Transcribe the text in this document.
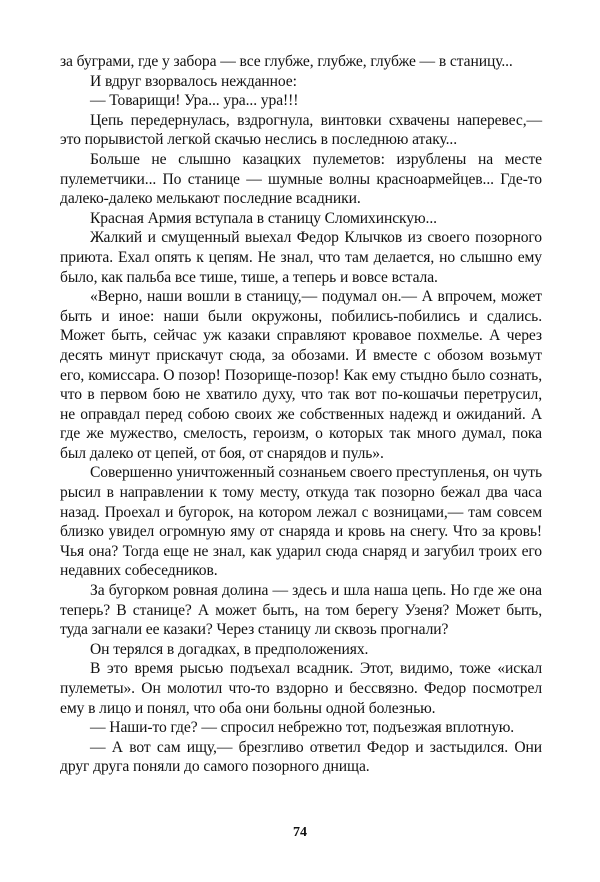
за буграми, где у забора — все глубже, глубже, глубже — в станицу...

И вдруг взорвалось нежданное:

— Товарищи! Ура... ура... ура!!!

Цепь передернулась, вздрогнула, винтовки схвачены наперевес,— это порывистой легкой скачью неслись в последнюю атаку...

Больше не слышно казацких пулеметов: изрублены на месте пулеметчики... По станице — шумные волны красноармейцев... Где-то далеко-далеко мелькают последние всадники.

Красная Армия вступала в станицу Сломихинскую...

Жалкий и смущенный выехал Федор Клычков из своего позорного приюта. Ехал опять к цепям. Не знал, что там делается, но слышно ему было, как пальба все тише, тише, а теперь и вовсе встала.

«Верно, наши вошли в станицу,— подумал он.— А впрочем, может быть и иное: наши были окружоны, побились-побились и сдались. Может быть, сейчас уж казаки справляют кровавое похмелье. А через десять минут прискачут сюда, за обозами. И вместе с обозом возьмут его, комиссара. О позор! Позорище-позор! Как ему стыдно было сознать, что в первом бою не хватило духу, что так вот по-кошачьи перетрусил, не оправдал перед собою своих же собственных надежд и ожиданий. А где же мужество, смелость, героизм, о которых так много думал, пока был далеко от цепей, от боя, от снарядов и пуль».

Совершенно уничтоженный сознаньем своего преступленья, он чуть рысил в направлении к тому месту, откуда так позорно бежал два часа назад. Проехал и бугорок, на котором лежал с возницами,— там совсем близко увидел огромную яму от снаряда и кровь на снегу. Что за кровь! Чья она? Тогда еще не знал, как ударил сюда снаряд и загубил троих его недавних собеседников.

За бугорком ровная долина — здесь и шла наша цепь. Но где же она теперь? В станице? А может быть, на том берегу Узеня? Может быть, туда загнали ее казаки? Через станицу ли сквозь прогнали?

Он терялся в догадках, в предположениях.

В это время рысью подъехал всадник. Этот, видимо, тоже «искал пулеметы». Он молотил что-то вздорно и бессвязно. Федор посмотрел ему в лицо и понял, что оба они больны одной болезнью.

— Наши-то где? — спросил небрежно тот, подъезжая вплотную.

— А вот сам ищу,— брезгливо ответил Федор и застыдился. Они друг друга поняли до самого позорного днища.

74
